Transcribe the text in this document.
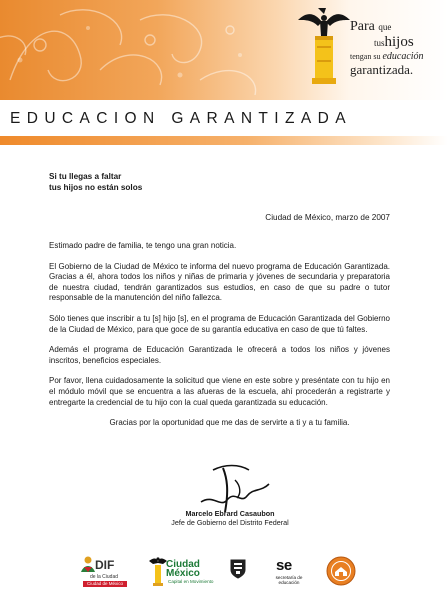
Para que
tushijos
tengan su educación
garantizada.
EDUCACION GARANTIZADA
Si tu llegas a faltar
tus hijos no están solos
Ciudad de México, marzo de 2007

Estimado padre de familia, te tengo una gran noticia.

El Gobierno de la Ciudad de México te informa del nuevo programa de Educación Garantizada. Gracias a él, ahora todos los niños y niñas de primaria y jóvenes de secundaria y preparatoria de nuestra ciudad, tendrán garantizados sus estudios, en caso de que su padre o tutor responsable de la manutención del niño fallezca.

Sólo tienes que inscribir a tu [s] hijo [s], en el programa de Educación Garantizada del Gobierno de la Ciudad de México, para que goce de su garantía educativa en caso de que tú faltes.

Además el programa de Educación Garantizada le ofrecerá a todos los niños y jóvenes inscritos, beneficios especiales.

Por favor, llena cuidadosamente la solicitud que viene en este sobre y preséntate con tu hijo en el módulo móvil que se encuentra a las afueras de la escuela, ahí procederán a registrarte y entregarte la credencial de tu hijo con la cual queda garantizada su educación.

Gracias por la oportunidad que me das de servirte a ti y a tu familia.

Marcelo Ebrard Casaubon
Jefe de Gobierno del Distrito Federal
DIF
de la Ciudad
Ciudad de México
Ciudad
México
Capital en Movimiento
se
secretaría de educación
